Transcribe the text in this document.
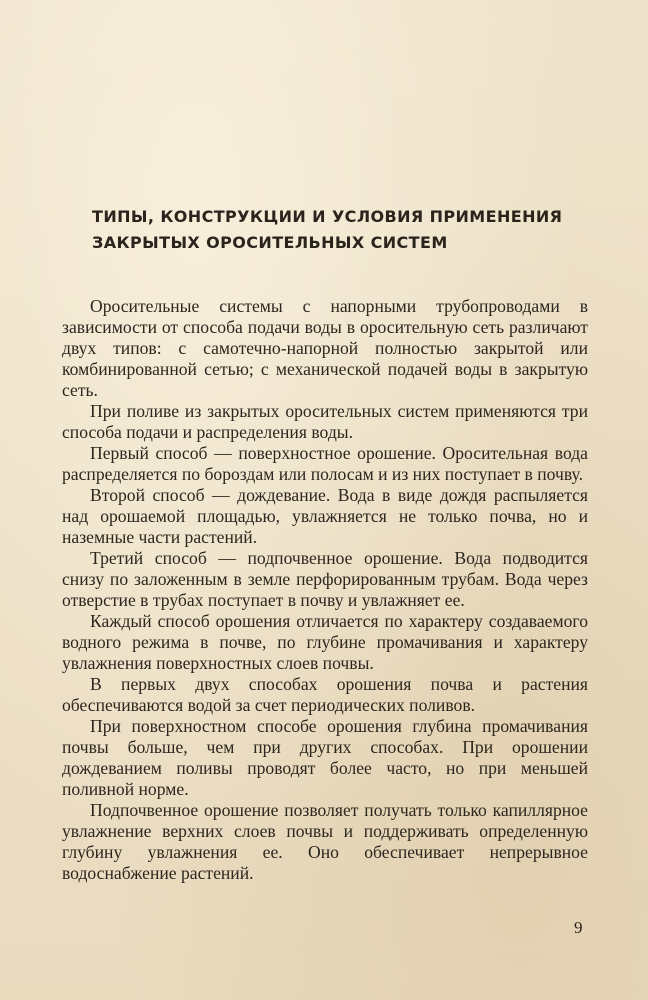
ТИПЫ, КОНСТРУКЦИИ И УСЛОВИЯ ПРИМЕНЕНИЯ
ЗАКРЫТЫХ ОРОСИТЕЛЬНЫХ СИСТЕМ

Оросительные системы с напорными трубопроводами в зависимости от способа подачи воды в оросительную сеть различают двух типов: с самотечно-напорной полностью закрытой или комбинированной сетью; с механической подачей воды в закрытую сеть.

При поливе из закрытых оросительных систем применяются три способа подачи и распределения воды.

Первый способ — поверхностное орошение. Оросительная вода распределяется по бороздам или полосам и из них поступает в почву.

Второй способ — дождевание. Вода в виде дождя распыляется над орошаемой площадью, увлажняется не только почва, но и наземные части растений.

Третий способ — подпочвенное орошение. Вода подводится снизу по заложенным в земле перфорированным трубам. Вода через отверстие в трубах поступает в почву и увлажняет ее.

Каждый способ орошения отличается по характеру создаваемого водного режима в почве, по глубине промачивания и характеру увлажнения поверхностных слоев почвы.

В первых двух способах орошения почва и растения обеспечиваются водой за счет периодических поливов.

При поверхностном способе орошения глубина промачивания почвы больше, чем при других способах. При орошении дождеванием поливы проводят более часто, но при меньшей поливной норме.

Подпочвенное орошение позволяет получать только капиллярное увлажнение верхних слоев почвы и поддерживать определенную глубину увлажнения ее. Оно обеспечивает непрерывное водоснабжение растений.

9
